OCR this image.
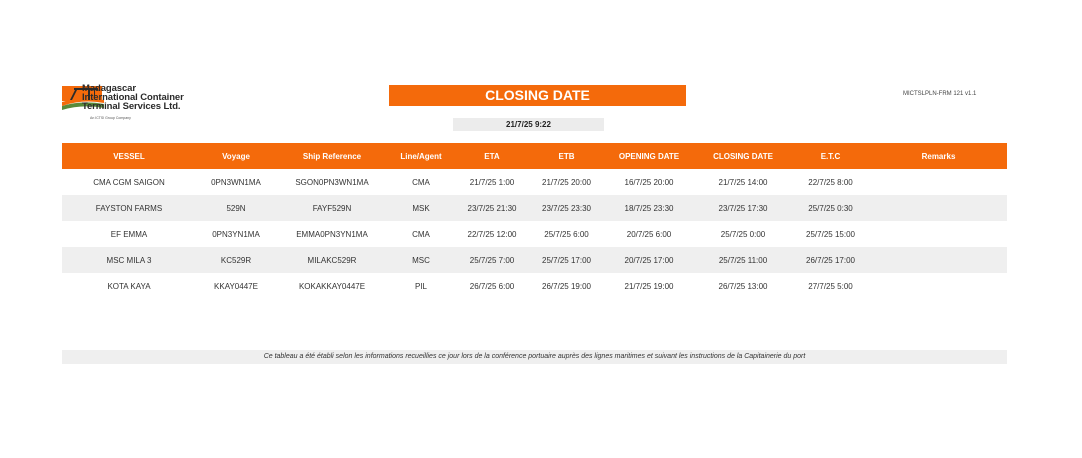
Madagascar
International Container
Terminal Services Ltd.
An ICTSI Group Company
CLOSING DATE	MICTSLPLN-FRM 121 v1.1
21/7/25 9:22
VESSEL	Voyage	Ship Reference	Line/Agent	ETA	ETB	OPENING DATE	CLOSING DATE	E.T.C	Remarks
CMA CGM SAIGON	0PN3WN1MA	SGON0PN3WN1MA	CMA	21/7/25 1:00	21/7/25 20:00	16/7/25 20:00	21/7/25 14:00	22/7/25 8:00
FAYSTON FARMS	529N	FAYF529N	MSK	23/7/25 21:30	23/7/25 23:30	18/7/25 23:30	23/7/25 17:30	25/7/25 0:30
EF EMMA	0PN3YN1MA	EMMA0PN3YN1MA	CMA	22/7/25 12:00	25/7/25 6:00	20/7/25 6:00	25/7/25 0:00	25/7/25 15:00
MSC MILA 3	KC529R	MILAKC529R	MSC	25/7/25 7:00	25/7/25 17:00	20/7/25 17:00	25/7/25 11:00	26/7/25 17:00
KOTA KAYA	KKAY0447E	KOKAKKAY0447E	PIL	26/7/25 6:00	26/7/25 19:00	21/7/25 19:00	26/7/25 13:00	27/7/25 5:00
Ce tableau a été établi selon les informations recueillies ce jour lors de la conférence portuaire auprès des lignes maritimes et suivant les instructions de la Capitainerie du port
